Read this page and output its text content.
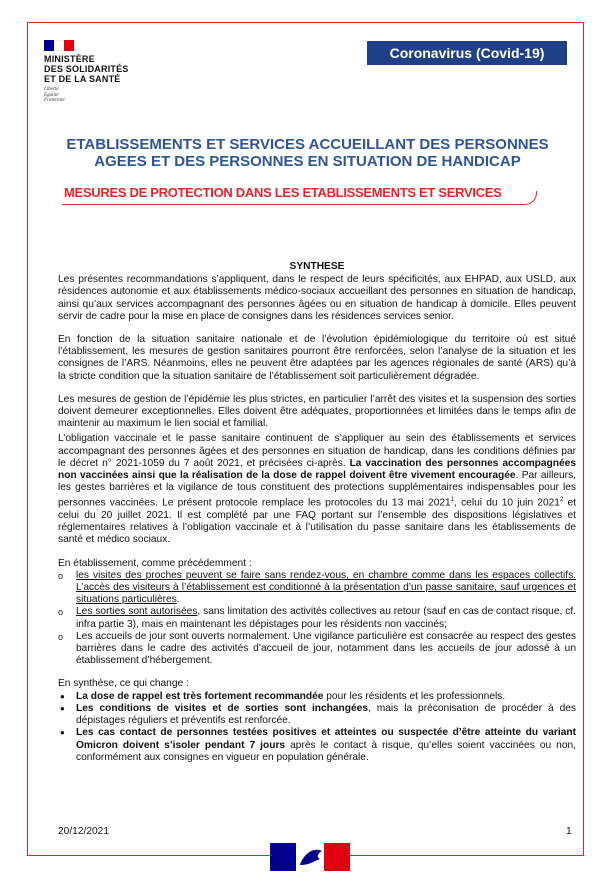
MINISTÈRE
DES SOLIDARITÉS
ET DE LA SANTÉ
Liberté
Égalité
Fraternité
Coronavirus (Covid-19)
ETABLISSEMENTS ET SERVICES ACCUEILLANT DES PERSONNES
AGEES ET DES PERSONNES EN SITUATION DE HANDICAP
MESURES DE PROTECTION DANS LES ETABLISSEMENTS ET SERVICES

SYNTHESE

Les présentes recommandations s’appliquent, dans le respect de leurs spécificités, aux EHPAD, aux USLD, aux résidences autonomie et aux établissements médico-sociaux accueillant des personnes en situation de handicap, ainsi qu’aux services accompagnant des personnes âgées ou en situation de handicap à domicile. Elles peuvent servir de cadre pour la mise en place de consignes dans les résidences services senior.

En fonction de la situation sanitaire nationale et de l’évolution épidémiologique du territoire où est situé l’établissement, les mesures de gestion sanitaires pourront être renforcées, selon l’analyse de la situation et les consignes de l’ARS. Néanmoins, elles ne peuvent être adaptées par les agences régionales de santé (ARS) qu’à la stricte condition que la situation sanitaire de l’établissement soit particulièrement dégradée.

Les mesures de gestion de l’épidémie les plus strictes, en particulier l’arrêt des visites et la suspension des sorties doivent demeurer exceptionnelles. Elles doivent être adéquates, proportionnées et limitées dans le temps afin de maintenir au maximum le lien social et familial.

L’obligation vaccinale et le passe sanitaire continuent de s’appliquer au sein des établissements et services accompagnant des personnes âgées et des personnes en situation de handicap, dans les conditions définies par le décret n° 2021-1059 du 7 août 2021, et précisées ci-après. La vaccination des personnes accompagnées non vaccinées ainsi que la réalisation de la dose de rappel doivent être vivement encouragée. Par ailleurs, les gestes barrières et la vigilance de tous constituent des protections supplémentaires indispensables pour les personnes vaccinées. Le présent protocole remplace les protocoles du 13 mai 2021$^1$, celui du 10 juin 2021$^2$ et celui du 20 juillet 2021. Il est complété par une FAQ portant sur l’ensemble des dispositions législatives et réglementaires relatives à l’obligation vaccinale et à l’utilisation du passe sanitaire dans les établissements de santé et médico sociaux.

En établissement, comme précédemment :

o les visites des proches peuvent se faire sans rendez-vous, en chambre comme dans les espaces collectifs. L’accès des visiteurs à l’établissement est conditionné à la présentation d’un passe sanitaire, sauf urgences et situations particulières.
o Les sorties sont autorisées, sans limitation des activités collectives au retour (sauf en cas de contact risque, cf. infra partie 3), mais en maintenant les dépistages pour les résidents non vaccinés;
o Les accueils de jour sont ouverts normalement. Une vigilance particulière est consacrée au respect des gestes barrières dans le cadre des activités d’accueil de jour, notamment dans les accueils de jour adossé à un établissement d’hébergement.

En synthèse, ce qui change :

● La dose de rappel est très fortement recommandée pour les résidents et les professionnels.
● Les conditions de visites et de sorties sont inchangées, mais la préconisation de procéder à des dépistages réguliers et préventifs est renforcée.
● Les cas contact de personnes testées positives et atteintes ou suspectée d’être atteinte du variant Omicron doivent s’isoler pendant 7 jours après le contact à risque, qu’elles soient vaccinées ou non, conformément aux consignes en vigueur en population générale.
20/12/2021	1
